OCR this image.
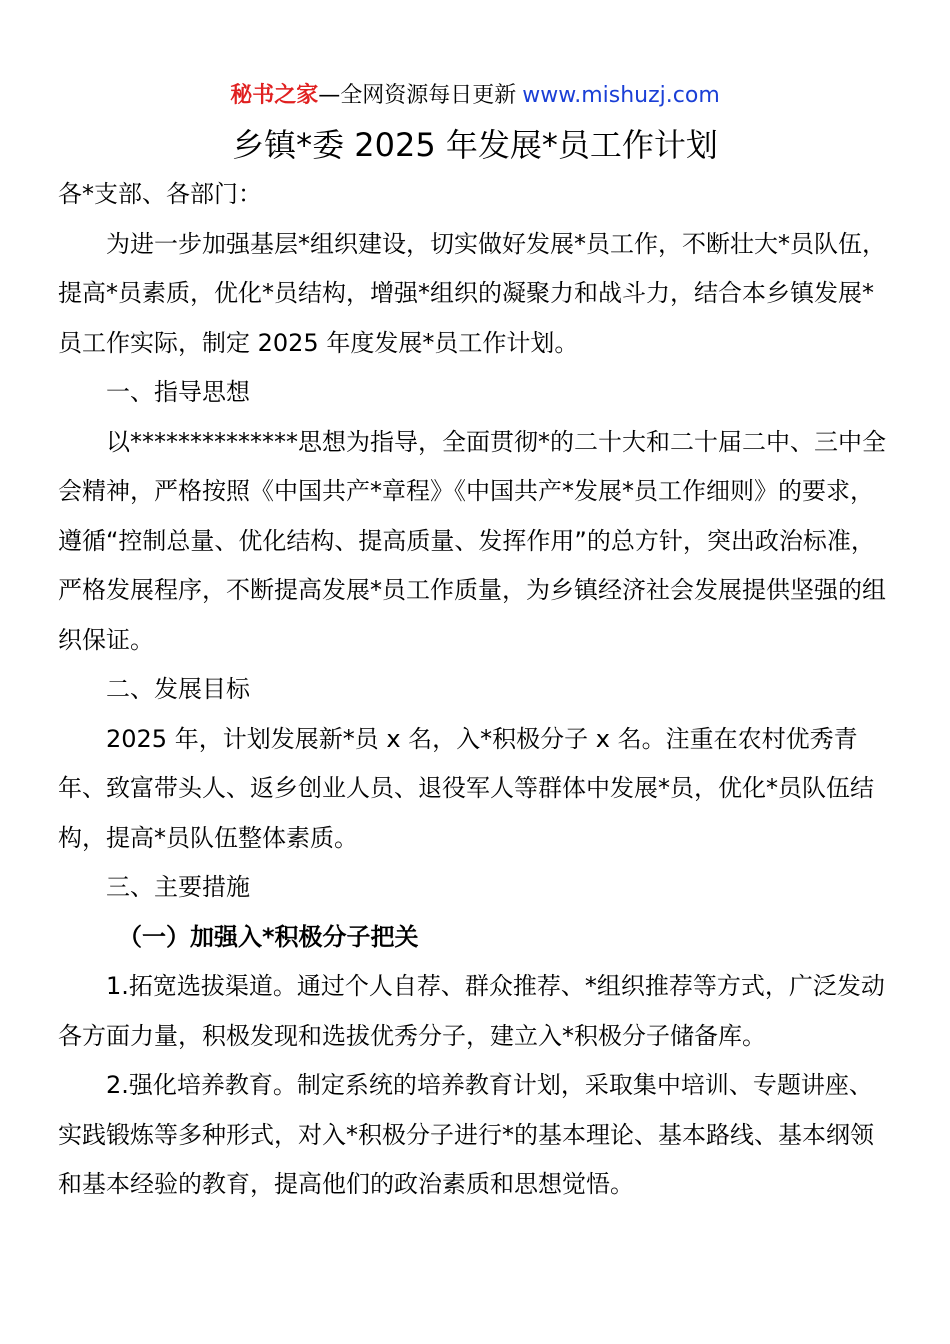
秘书之家—全网资源每日更新 www.mishuzj.com
乡镇*委 2025 年发展*员工作计划

各*支部、各部门：

为进一步加强基层*组织建设，切实做好发展*员工作，不断壮大*员队伍，提高*员素质，优化*员结构，增强*组织的凝聚力和战斗力，结合本乡镇发展*员工作实际，制定 2025 年度发展*员工作计划。

一、指导思想

以**************思想为指导，全面贯彻*的二十大和二十届二中、三中全会精神，严格按照《中国共产*章程》《中国共产*发展*员工作细则》的要求，遵循“控制总量、优化结构、提高质量、发挥作用”的总方针，突出政治标准，严格发展程序，不断提高发展*员工作质量，为乡镇经济社会发展提供坚强的组织保证。

二、发展目标

2025 年，计划发展新*员 x 名，入*积极分子 x 名。注重在农村优秀青年、致富带头人、返乡创业人员、退役军人等群体中发展*员，优化*员队伍结构，提高*员队伍整体素质。

三、主要措施

（一）加强入*积极分子把关

1.拓宽选拔渠道。通过个人自荐、群众推荐、*组织推荐等方式，广泛发动各方面力量，积极发现和选拔优秀分子，建立入*积极分子储备库。

2.强化培养教育。制定系统的培养教育计划，采取集中培训、专题讲座、实践锻炼等多种形式，对入*积极分子进行*的基本理论、基本路线、基本纲领和基本经验的教育，提高他们的政治素质和思想觉悟。
